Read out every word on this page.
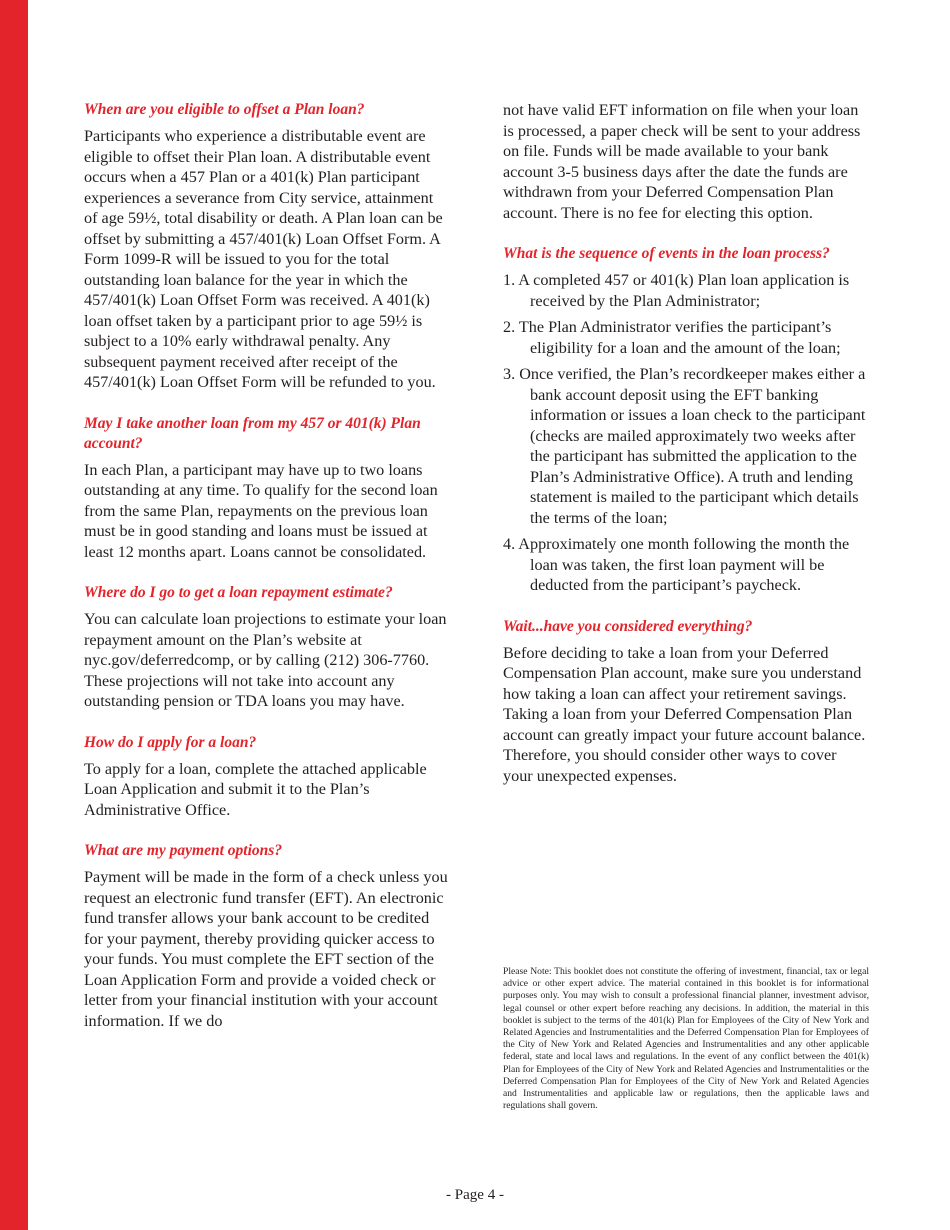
When are you eligible to offset a Plan loan?

Participants who experience a distributable event are eligible to offset their Plan loan. A distributable event occurs when a 457 Plan or a 401(k) Plan participant experiences a severance from City service, attainment of age 59½, total disability or death. A Plan loan can be offset by submitting a 457/401(k) Loan Offset Form. A Form 1099-R will be issued to you for the total outstanding loan balance for the year in which the 457/401(k) Loan Offset Form was received. A 401(k) loan offset taken by a participant prior to age 59½ is subject to a 10% early withdrawal penalty. Any subsequent payment received after receipt of the 457/401(k) Loan Offset Form will be refunded to you.

May I take another loan from my 457 or 401(k) Plan account?

In each Plan, a participant may have up to two loans outstanding at any time. To qualify for the second loan from the same Plan, repayments on the previous loan must be in good standing and loans must be issued at least 12 months apart. Loans cannot be consolidated.

Where do I go to get a loan repayment estimate?

You can calculate loan projections to estimate your loan repayment amount on the Plan’s website at nyc.gov/deferredcomp, or by calling (212) 306-7760. These projections will not take into account any outstanding pension or TDA loans you may have.

How do I apply for a loan?

To apply for a loan, complete the attached applicable Loan Application and submit it to the Plan’s Administrative Office.

What are my payment options?

Payment will be made in the form of a check unless you request an electronic fund transfer (EFT). An electronic fund transfer allows your bank account to be credited for your payment, thereby providing quicker access to your funds. You must complete the EFT section of the Loan Application Form and provide a voided check or letter from your financial institution with your account information. If we do

not have valid EFT information on file when your loan is processed, a paper check will be sent to your address on file. Funds will be made available to your bank account 3-5 business days after the date the funds are withdrawn from your Deferred Compensation Plan account. There is no fee for electing this option.

What is the sequence of events in the loan process?
1. A completed 457 or 401(k) Plan loan application is received by the Plan Administrator;
2. The Plan Administrator verifies the participant’s eligibility for a loan and the amount of the loan;
3. Once verified, the Plan’s recordkeeper makes either a bank account deposit using the EFT banking information or issues a loan check to the participant (checks are mailed approximately two weeks after the participant has submitted the application to the Plan’s Administrative Office). A truth and lending statement is mailed to the participant which details the terms of the loan;
4. Approximately one month following the month the loan was taken, the first loan payment will be deducted from the participant’s paycheck.
Wait...have you considered everything?

Before deciding to take a loan from your Deferred Compensation Plan account, make sure you understand how taking a loan can affect your retirement savings. Taking a loan from your Deferred Compensation Plan account can greatly impact your future account balance. Therefore, you should consider other ways to cover your unexpected expenses.

Please Note: This booklet does not constitute the offering of investment, financial, tax or legal advice or other expert advice. The material contained in this booklet is for informational purposes only. You may wish to consult a professional financial planner, investment advisor, legal counsel or other expert before reaching any decisions. In addition, the material in this booklet is subject to the terms of the 401(k) Plan for Employees of the City of New York and Related Agencies and Instrumentalities and the Deferred Compensation Plan for Employees of the City of New York and Related Agencies and Instrumentalities and any other applicable federal, state and local laws and regulations. In the event of any conflict between the 401(k) Plan for Employees of the City of New York and Related Agencies and Instrumentalities or the Deferred Compensation Plan for Employees of the City of New York and Related Agencies and Instrumentalities and applicable law or regulations, then the applicable laws and regulations shall govern.

- Page 4 -
